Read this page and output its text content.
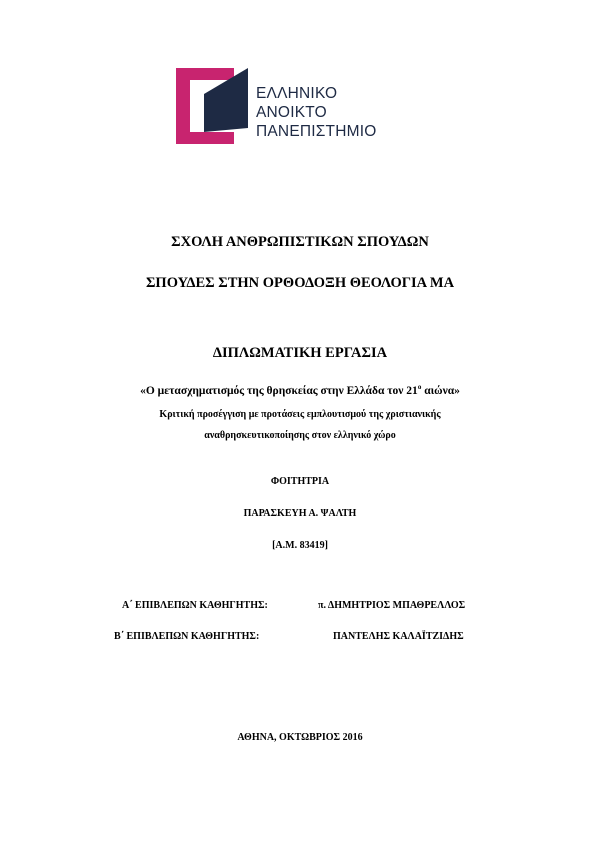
ΕΛΛΗΝΙΚΟ
ΑΝΟΙΚΤΟ
ΠΑΝΕΠΙΣΤΗΜΙΟ
ΣΧΟΛΗ ΑΝΘΡΩΠΙΣΤΙΚΩΝ ΣΠΟΥΔΩΝ
ΣΠΟΥΔΕΣ ΣΤΗΝ ΟΡΘΟΔΟΞΗ ΘΕΟΛΟΓΙΑ ΜΑ
ΔΙΠΛΩΜΑΤΙΚΗ ΕΡΓΑΣΙΑ
«Ο μετασχηματισμός της θρησκείας στην Ελλάδα τον $21^o$ αιώνα»
Κριτική προσέγγιση με προτάσεις εμπλουτισμού της χριστιανικής
αναθρησκευτικοποίησης στον ελληνικό χώρο
ΦΟΙΤΗΤΡΙΑ
ΠΑΡΑΣΚΕΥΗ Α. ΨΑΛΤΗ
[Α.Μ. 83419]
Α΄ ΕΠΙΒΛΕΠΩΝ ΚΑΘΗΓΗΤΗΣ:	π. ΔΗΜΗΤΡΙΟΣ ΜΠΑΘΡΕΛΛΟΣ
Β΄ ΕΠΙΒΛΕΠΩΝ ΚΑΘΗΓΗΤΗΣ:	ΠΑΝΤΕΛΗΣ ΚΑΛΑΪΤΖΙΔΗΣ
ΑΘΗΝΑ, ΟΚΤΩΒΡΙΟΣ 2016
